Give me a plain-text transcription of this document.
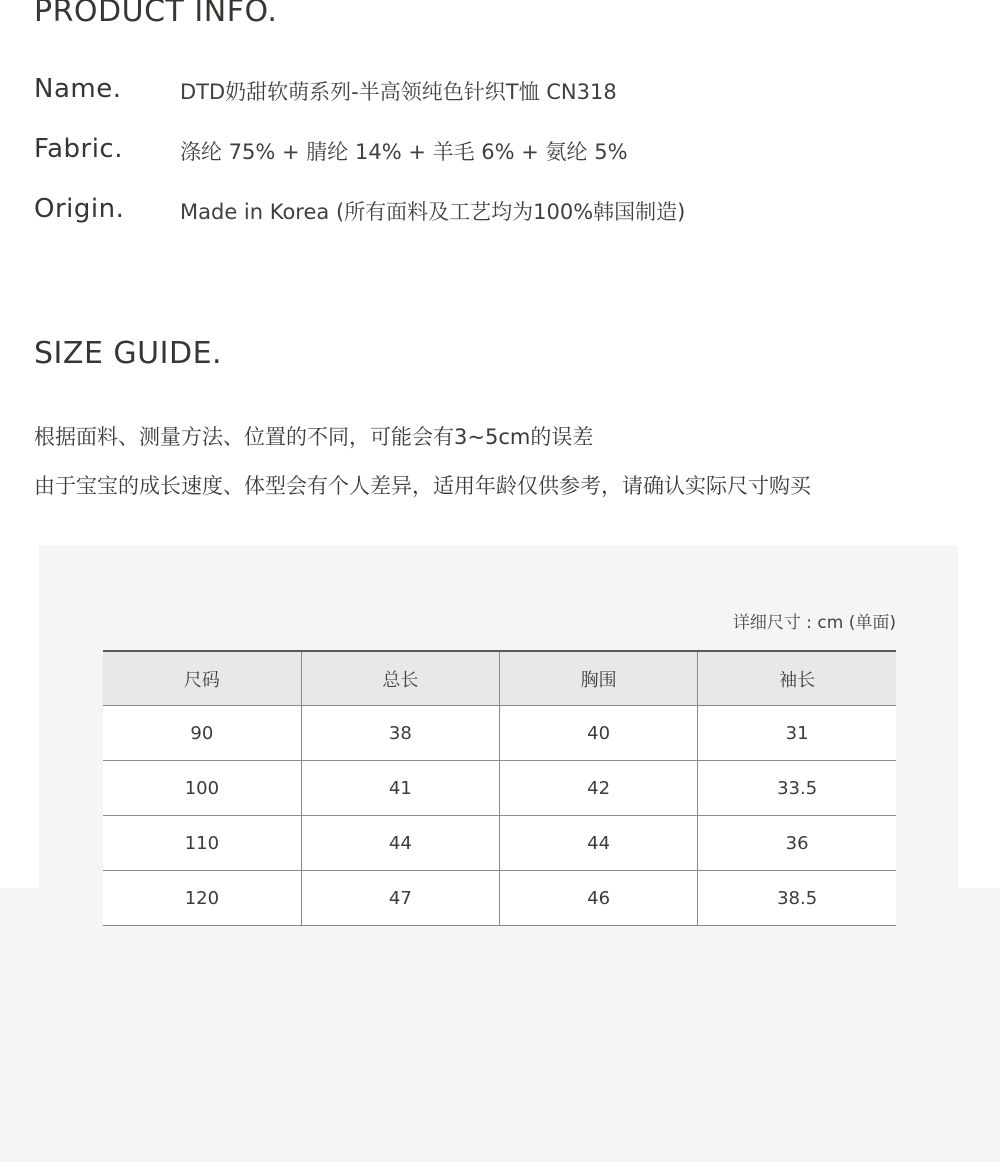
PRODUCT INFO.
Name.	DTD奶甜软萌系列-半高领纯色针织T恤 CN318
Fabric.	涤纶 75% + 腈纶 14% + 羊毛 6% + 氨纶 5%
Origin.	Made in Korea (所有面料及工艺均为100%韩国制造)
SIZE GUIDE.
根据面料、测量方法、位置的不同，可能会有3~5cm的误差
由于宝宝的成长速度、体型会有个人差异，适用年龄仅供参考，请确认实际尺寸购买
详细尺寸 : cm (单面)
尺码	总长	胸围	袖长
90	38	40	31
100	41	42	33.5
110	44	44	36
120	47	46	38.5
